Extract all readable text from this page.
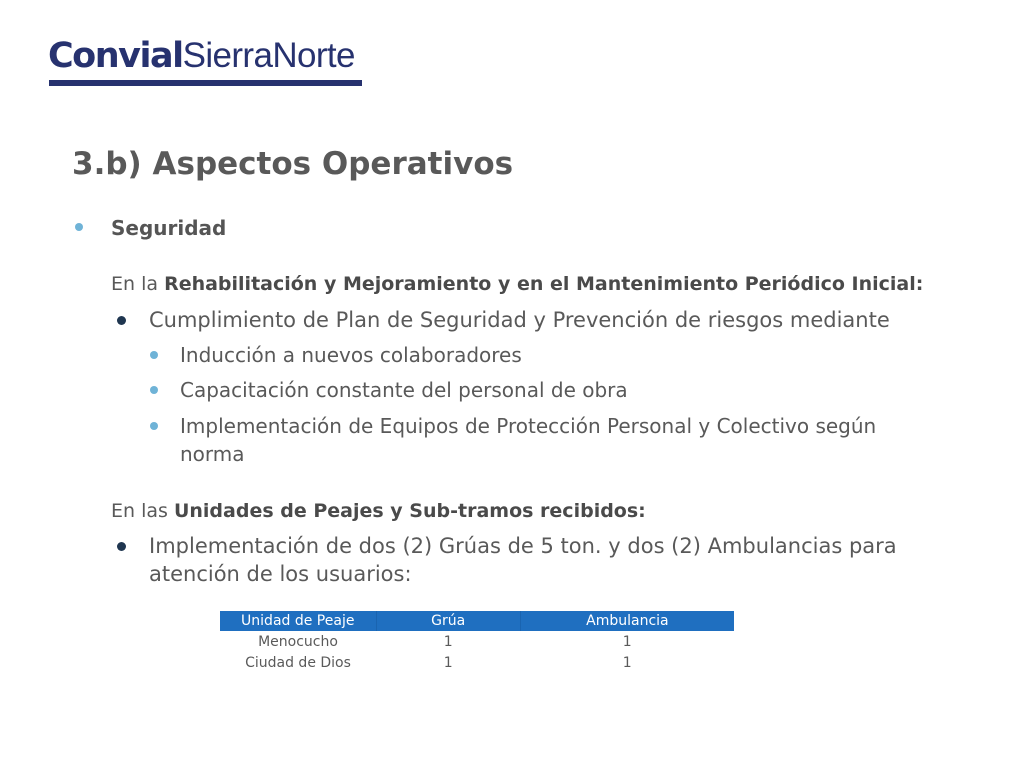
ConvialSierraNorte
3.b) Aspectos Operativos
Seguridad
En la Rehabilitación y Mejoramiento y en el Mantenimiento Periódico Inicial:
Cumplimiento de Plan de Seguridad y Prevención de riesgos mediante
Inducción a nuevos colaboradores
Capacitación constante del personal de obra
Implementación de Equipos de Protección Personal y Colectivo según
norma
En las Unidades de Peajes y Sub-tramos recibidos:
Implementación de dos (2) Grúas de 5 ton. y dos (2) Ambulancias para
atención de los usuarios:
Unidad de Peaje	Grúa	Ambulancia
Menocucho	1	1
Ciudad de Dios	1	1
